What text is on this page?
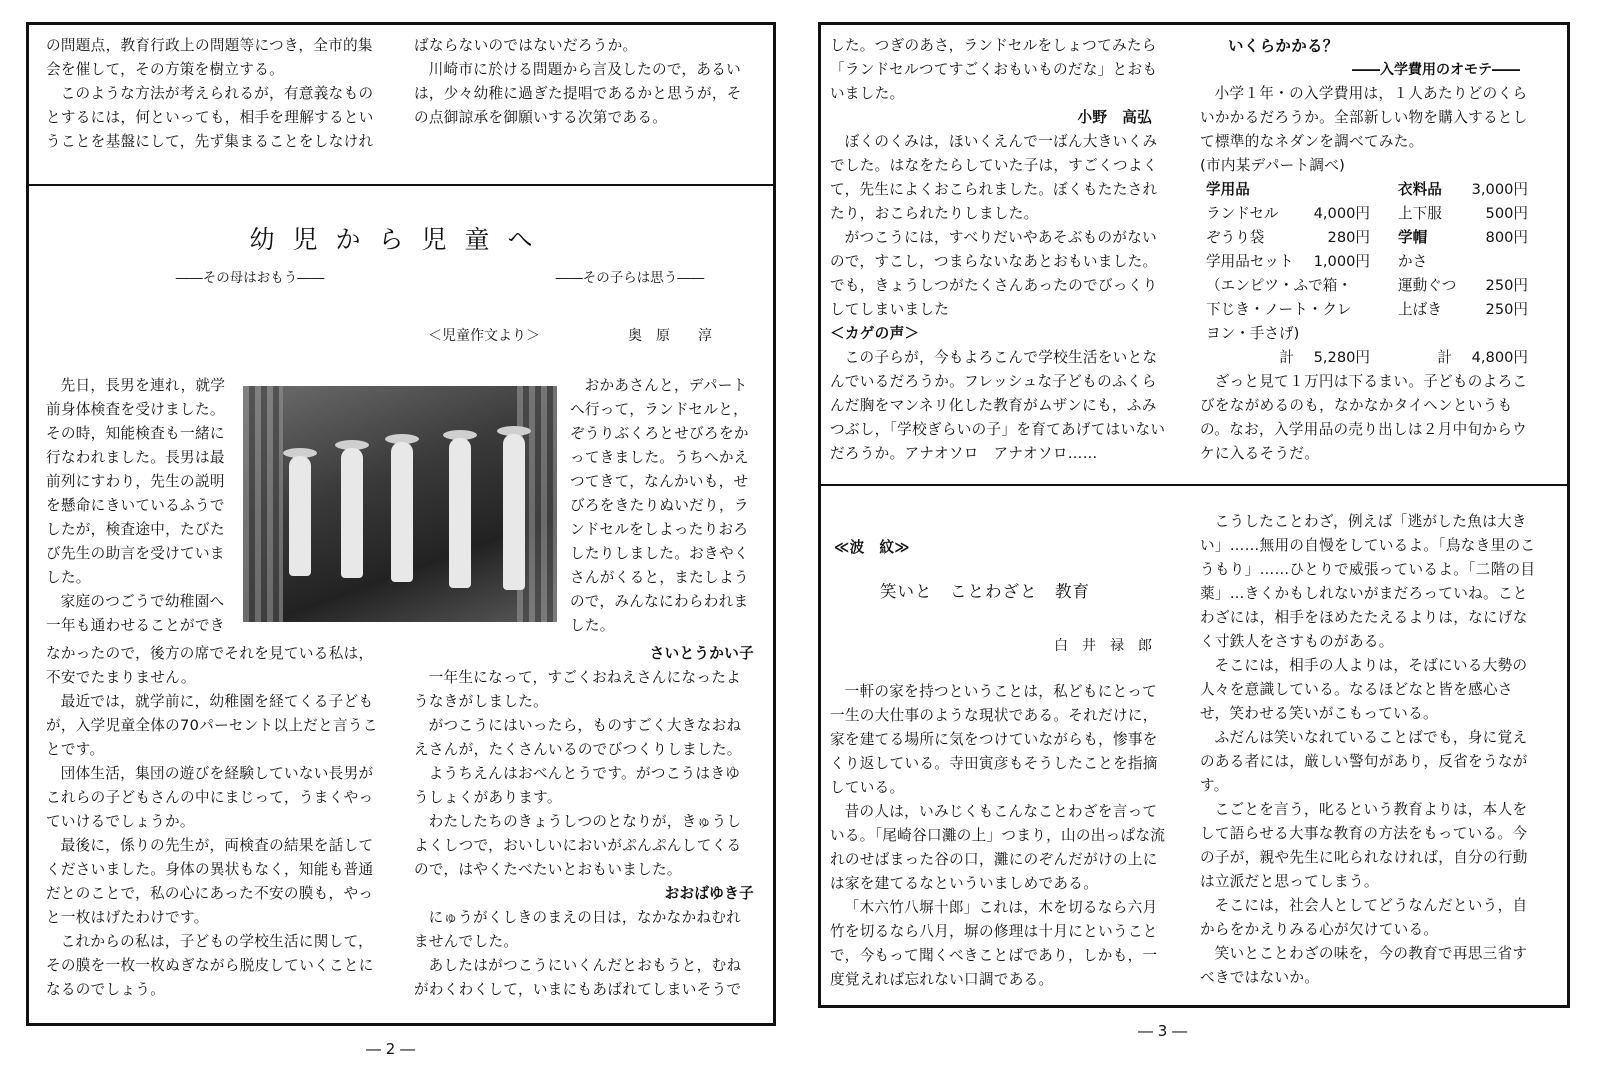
の問題点，教育行政上の問題等につき，全市的集会を催して，その方策を樹立する。

このような方法が考えられるが，有意義なものとするには，何といっても，相手を理解するということを基盤にして，先ず集まることをしなけれ

ばならないのではないだろうか。

川崎市に於ける問題から言及したので，あるいは，少々幼稚に過ぎた提唱であるかと思うが，その点御諒承を御願いする次第である。

幼児から児童へ
――その母はおもう――	――その子らは思う――
＜児童作文より＞	奥　原　　淳

先日，長男を連れ，就学前身体検査を受けました。その時，知能検査も一緒に行なわれました。長男は最前列にすわり，先生の説明を懸命にきいているふうでしたが，検査途中，たびたび先生の助言を受けていました。

家庭のつごうで幼稚園へ一年も通わせることができ

おかあさんと，デパートへ行って，ランドセルと，ぞうりぶくろとせびろをかってきました。うちへかえつてきて，なんかいも，せびろをきたりぬいだり，ランドセルをしよったりおろしたりしました。おきやくさんがくると，またしようので，みんなにわらわれました。

なかったので，後方の席でそれを見ている私は，不安でたまりません。

最近では，就学前に，幼稚園を経てくる子どもが，入学児童全体の70パーセント以上だと言うことです。

団体生活，集団の遊びを経験していない長男がこれらの子どもさんの中にまじって，うまくやっていけるでしょうか。

最後に，係りの先生が，両検査の結果を話してくださいました。身体の異状もなく，知能も普通だとのことで，私の心にあった不安の膜も，やっと一枚はげたわけです。

これからの私は，子どもの学校生活に関して，その膜を一枚一枚ぬぎながら脱皮していくことになるのでしょう。

さいとうかい子

一年生になって，すごくおねえさんになったようなきがしました。

がつこうにはいったら，ものすごく大きなおねえさんが，たくさんいるのでびつくりしました。

ようちえんはおべんとうです。がつこうはきゆうしょくがあります。

わたしたちのきょうしつのとなりが，きゅうしよくしつで，おいしいにおいがぷんぷんしてくるので，はやくたべたいとおもいました。

おおばゆき子

にゅうがくしきのまえの日は，なかなかねむれませんでした。

あしたはがつこうにいくんだとおもうと，むねがわくわくして，いまにもあばれてしまいそうで

― 2 ―

した。つぎのあさ，ランドセルをしょつてみたら「ランドセルつてすごくおもいものだな」とおもいました。

小野　高弘

ぼくのくみは，ほいくえんで一ばん大きいくみでした。はなをたらしていた子は，すごくつよくて，先生によくおこられました。ぼくもたたされたり，おこられたりしました。

がつこうには，すべりだいやあそぶものがないので，すこし，つまらないなあとおもいました。でも，きょうしつがたくさんあったのでびっくりしてしまいました

＜カゲの声＞

この子らが，今もよろこんで学校生活をいとなんでいるだろうか。フレッシュな子どものふくらんだ胸をマンネリ化した教育がムザンにも，ふみつぶし，「学校ぎらいの子」を育てあげてはいないだろうか。アナオソロ　アナオソロ……

いくらかかる？
――入学費用のオモテ――
小学１年・の入学費用は，１人あたりどのくらいかかるだろうか。全部新しい物を購入するとして標準的なネダンを調べてみた。
(市内某デパート調べ)
学用品			衣料品	3,000円
ランドセル	4,000円		上下服	500円
ぞうり袋	280円		学帽	800円
学用品セット	1,000円		かさ	
（エンピツ・ふで箱・			運動ぐつ	250円
下じき・ノート・クレ			上ばき	250円
ヨン・手さげ)				
計	5,280円		計	4,800円
ざっと見て１万円は下るまい。子どものよろこびをながめるのも，なかなかタイヘンというもの。なお，入学用品の売り出しは２月中旬からウケに入るそうだ。
≪波　紋≫
笑いと　ことわざと　教育
白　井　禄　郎

一軒の家を持つということは，私どもにとって一生の大仕事のような現状である。それだけに，家を建てる場所に気をつけていながらも，惨事をくり返している。寺田寅彦もそうしたことを指摘している。

昔の人は，いみじくもこんなことわざを言っている。「尾崎谷口灘の上」つまり，山の出っぱな流れのせばまった谷の口，灘にのぞんだがけの上には家を建てるなといういましめである。

「木六竹八塀十郎」これは，木を切るなら六月竹を切るなら八月，塀の修理は十月にということで，今もって聞くべきことばであり，しかも，一度覚えれば忘れない口調である。

こうしたことわざ，例えば「逃がした魚は大きい」……無用の自慢をしているよ。「鳥なき里のこうもり」……ひとりで威張っているよ。「二階の目薬」…きくかもしれないがまだろっていね。ことわざには，相手をほめたたえるよりは，なにげなく寸鉄人をさすものがある。

そこには，相手の人よりは，そばにいる大勢の人々を意識している。なるほどなと皆を感心させ，笑わせる笑いがこもっている。

ふだんは笑いなれていることばでも，身に覚えのある者には，厳しい警句があり，反省をうながす。

こごとを言う，叱るという教育よりは，本人をして語らせる大事な教育の方法をもっている。今の子が，親や先生に叱られなければ，自分の行動は立派だと思ってしまう。

そこには，社会人としてどうなんだという，自からをかえりみる心が欠けている。

笑いとことわざの味を，今の教育で再思三省すべきではないか。

― 3 ―
